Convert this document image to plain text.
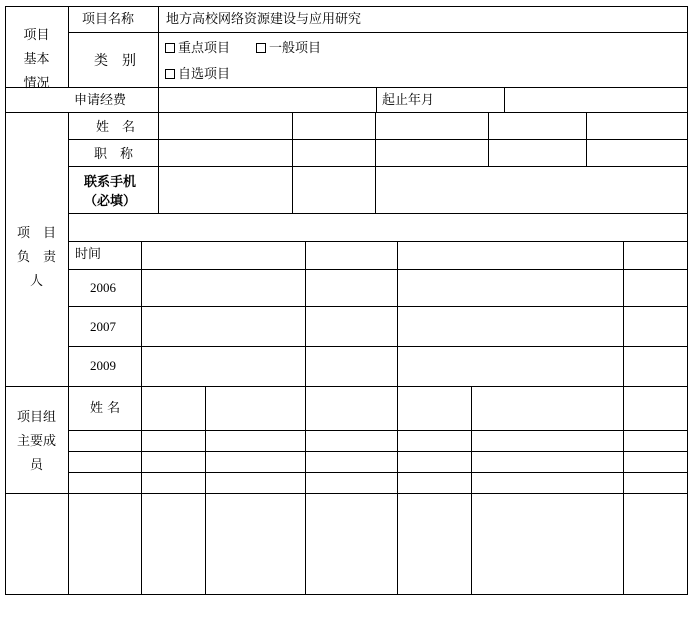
项目
基本
情况
项目名称 地方高校网络资源建设与应用研究
类　别
重点项目	一般项目
自选项目
申请经费	起止年月
项　目
负　责
人
姓　名
职　称
联系手机
（必填）
时间
2006
2007
2009
项目组
主要成
员
姓 名
